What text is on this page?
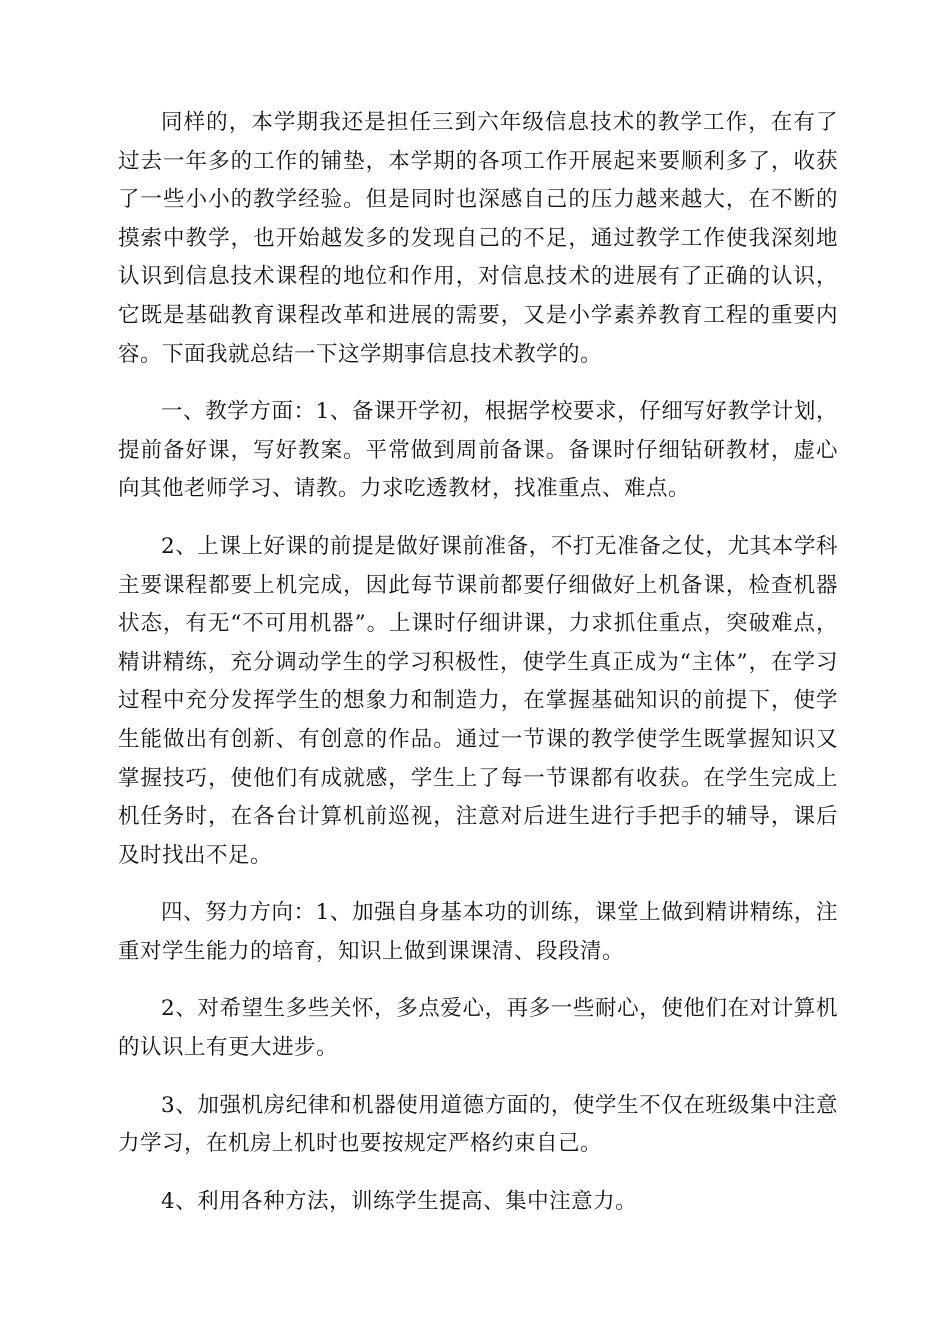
同样的，本学期我还是担任三到六年级信息技术的教学工作，在有了过去一年多的工作的铺垫，本学期的各项工作开展起来要顺利多了，收获了一些小小的教学经验。但是同时也深感自己的压力越来越大，在不断的摸索中教学，也开始越发多的发现自己的不足，通过教学工作使我深刻地认识到信息技术课程的地位和作用，对信息技术的进展有了正确的认识，它既是基础教育课程改革和进展的需要，又是小学素养教育工程的重要内容。下面我就总结一下这学期事信息技术教学的。

一、教学方面：1、备课开学初，根据学校要求，仔细写好教学计划，提前备好课，写好教案。平常做到周前备课。备课时仔细钻研教材，虚心向其他老师学习、请教。力求吃透教材，找准重点、难点。

2、上课上好课的前提是做好课前准备，不打无准备之仗，尤其本学科主要课程都要上机完成，因此每节课前都要仔细做好上机备课，检查机器状态，有无“不可用机器”。上课时仔细讲课，力求抓住重点，突破难点，精讲精练，充分调动学生的学习积极性，使学生真正成为“主体”，在学习过程中充分发挥学生的想象力和制造力，在掌握基础知识的前提下，使学生能做出有创新、有创意的作品。通过一节课的教学使学生既掌握知识又掌握技巧，使他们有成就感，学生上了每一节课都有收获。在学生完成上机任务时，在各台计算机前巡视，注意对后进生进行手把手的辅导，课后及时找出不足。

四、努力方向：1、加强自身基本功的训练，课堂上做到精讲精练，注重对学生能力的培育，知识上做到课课清、段段清。

2、对希望生多些关怀，多点爱心，再多一些耐心，使他们在对计算机的认识上有更大进步。

3、加强机房纪律和机器使用道德方面的，使学生不仅在班级集中注意力学习，在机房上机时也要按规定严格约束自己。

4、利用各种方法，训练学生提高、集中注意力。
